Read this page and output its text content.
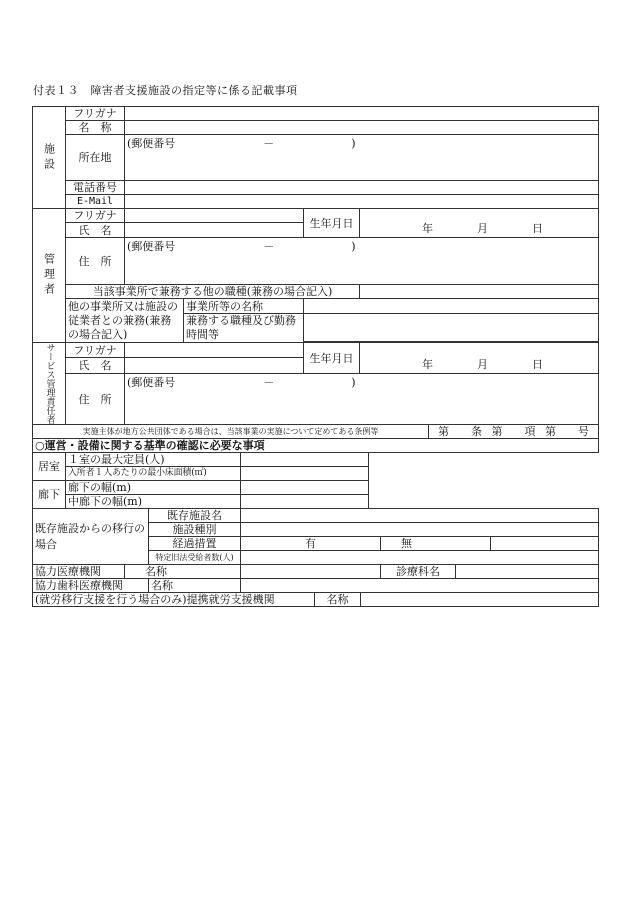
付表１３　障害者支援施設の指定等に係る記載事項
施設	フリガナ	
	名　称	
	所在地	(郵便番号　　　　　　　　－　　　　　　　)
	電話番号	
	E-Mail	
管理者	フリガナ			生年月日	年　　　　月　　　　日

	氏　名				
	住　所	(郵便番号　　　　　　　　－　　　　　　　)			
	当該事業所で兼務する他の職種(兼務の場合記入)				
	他の事業所又は施設の従業者との兼務(兼務の場合記入)		事業所等の名称		
			兼務する職種及び勤務時間等		

サービス管理責任者	フリガナ		生年月日	年　　　　月　　　　日

	氏　名			
	住　所	(郵便番号　　　　　　　　－　　　　　　　)		
実施主体が地方公共団体である場合は、当該事業の実施について定めてある条例等				第　　条 第　　項 第　　号
○運営・設備に関する基準の確認に必要な事項				
居室	１室の最大定員(人)			
	入所者１人あたりの最小床面積(㎡)			
廊下	廊下の幅(m)			
	中廊下の幅(m)			
既存施設からの移行の場合		既存施設名				
		施設種別				
		経過措置	有	無		
		特定旧法受給者数(人)				
協力医療機関	名称			診療科名		
協力歯科医療機関		名称				
(就労移行支援を行う場合のみ)提携就労支援機関	名称	
